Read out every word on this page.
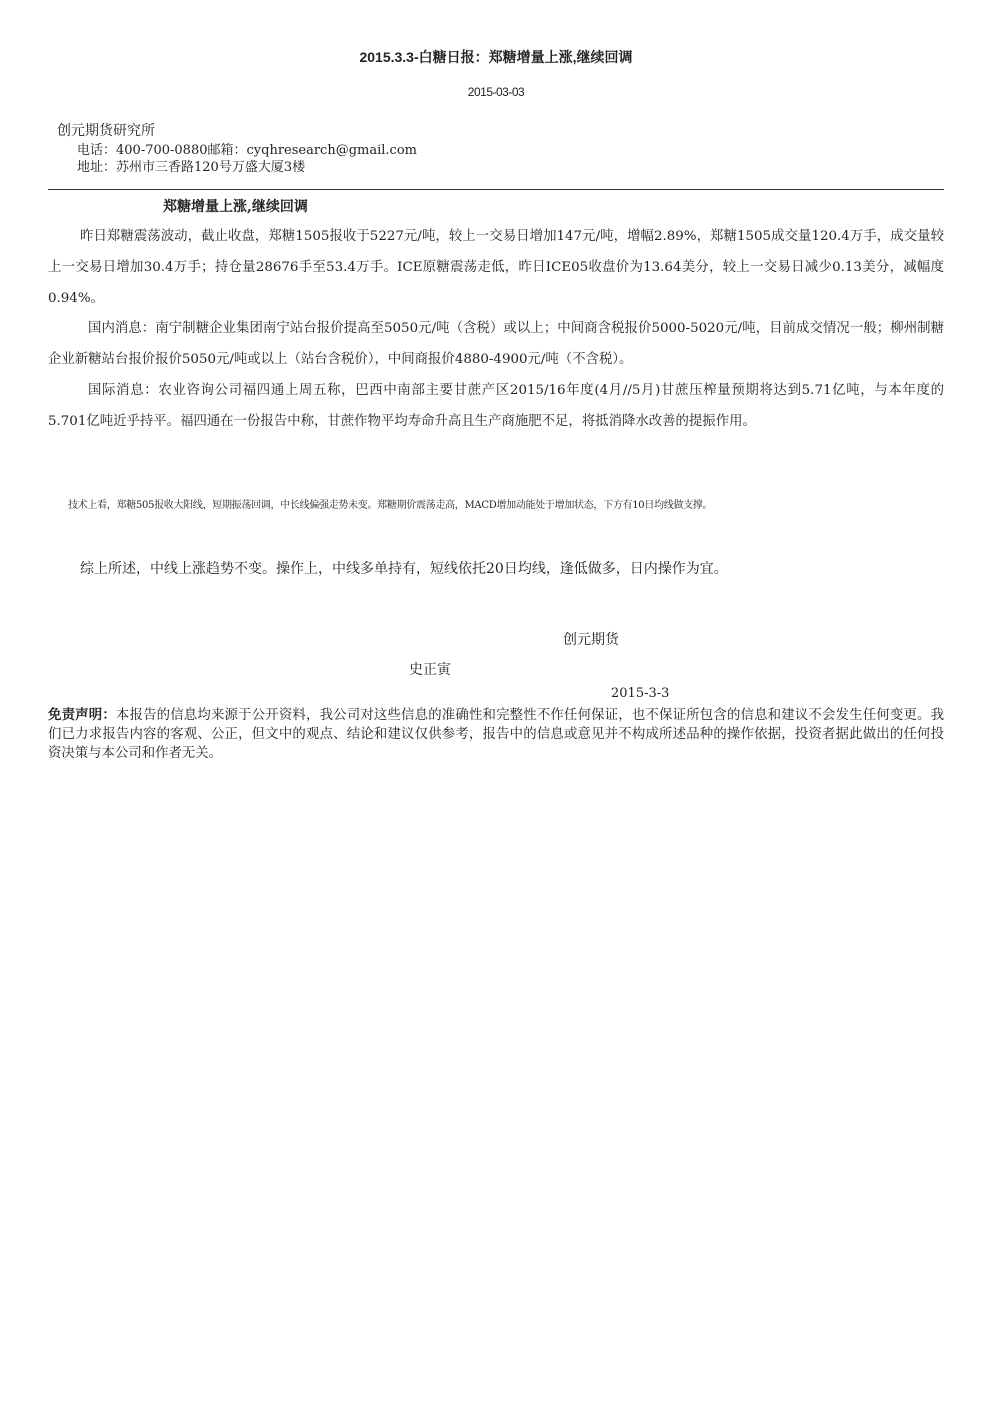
2015.3.3-白糖日报：郑糖增量上涨,继续回调
2015-03-03
创元期货研究所
电话：400-700-0880邮箱：cyqhresearch@gmail.com
地址：苏州市三香路120号万盛大厦3楼
郑糖增量上涨,继续回调

昨日郑糖震荡波动，截止收盘，郑糖1505报收于5227元/吨，较上一交易日增加147元/吨，增幅2.89%，郑糖1505成交量120.4万手，成交量较上一交易日增加30.4万手；持仓量28676手至53.4万手。ICE原糖震荡走低，昨日ICE05收盘价为13.64美分，较上一交易日减少0.13美分，减幅度0.94%。

国内消息：南宁制糖企业集团南宁站台报价提高至5050元/吨（含税）或以上；中间商含税报价5000-5020元/吨，目前成交情况一般；柳州制糖企业新糖站台报价报价5050元/吨或以上（站台含税价），中间商报价4880-4900元/吨（不含税）。

国际消息：农业咨询公司福四通上周五称，巴西中南部主要甘蔗产区2015/16年度(4月//5月)甘蔗压榨量预期将达到5.71亿吨，与本年度的5.701亿吨近乎持平。福四通在一份报告中称，甘蔗作物平均寿命升高且生产商施肥不足，将抵消降水改善的提振作用。

技术上看，郑糖505报收大阳线，短期振荡回调，中长线偏强走势未变。郑糖期价震荡走高，MACD增加动能处于增加状态，下方有10日均线做支撑。
综上所述，中线上涨趋势不变。操作上，中线多单持有，短线依托20日均线，逢低做多，日内操作为宜。
创元期货
史正寅
2015-3-3

免责声明：本报告的信息均来源于公开资料，我公司对这些信息的准确性和完整性不作任何保证，也不保证所包含的信息和建议不会发生任何变更。我们已力求报告内容的客观、公正，但文中的观点、结论和建议仅供参考，报告中的信息或意见并不构成所述品种的操作依据，投资者据此做出的任何投资决策与本公司和作者无关。
